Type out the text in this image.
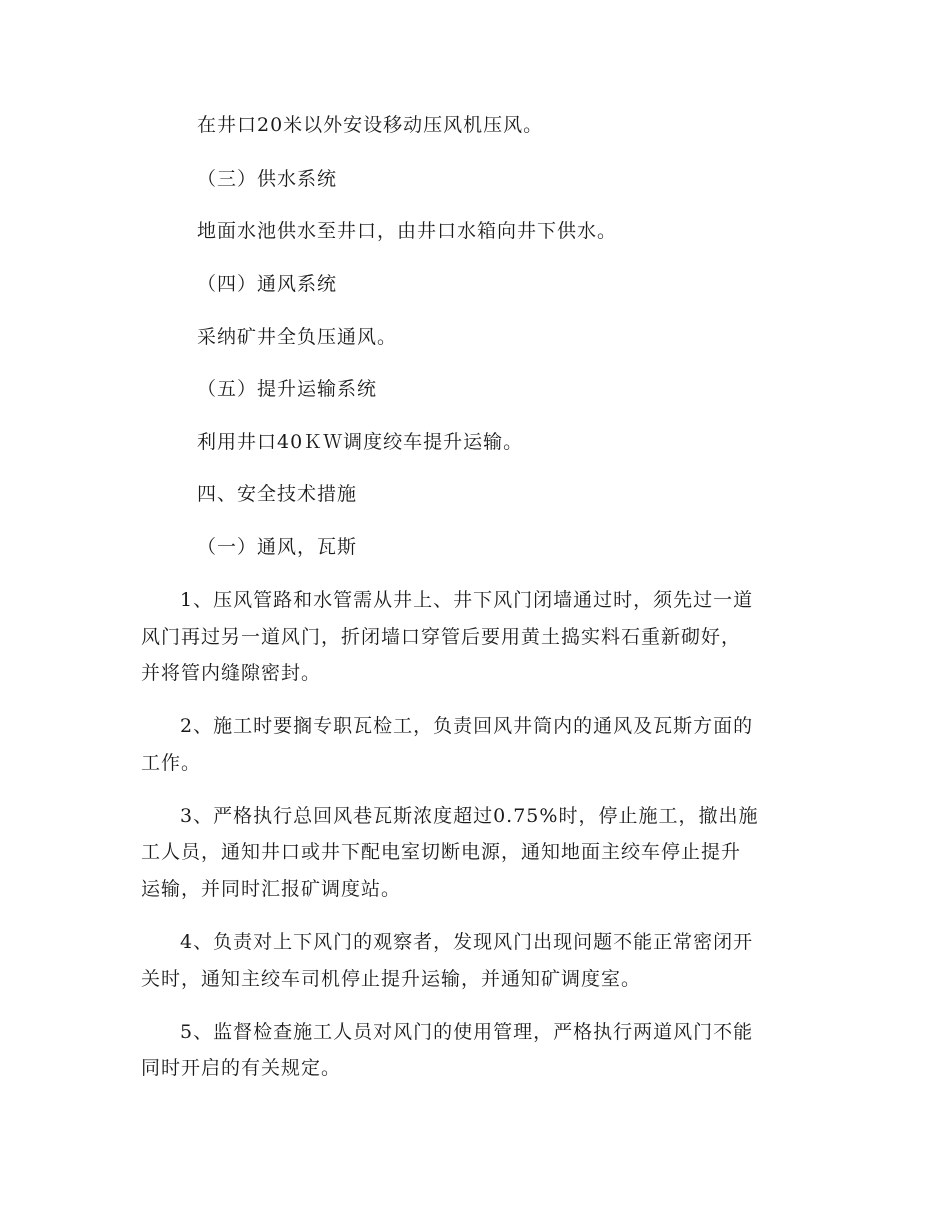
在井口20米以外安设移动压风机压风。
（三）供水系统
地面水池供水至井口，由井口水箱向井下供水。
（四）通风系统
采纳矿井全负压通风。
（五）提升运输系统
利用井口40ＫＷ调度绞车提升运输。
四、安全技术措施
（一）通风，瓦斯
1、压风管路和水管需从井上、井下风门闭墙通过时，须先过一道
风门再过另一道风门，折闭墙口穿管后要用黄土捣实料石重新砌好，
并将管内缝隙密封。
2、施工时要搁专职瓦检工，负责回风井筒内的通风及瓦斯方面的
工作。
3、严格执行总回风巷瓦斯浓度超过0.75%时，停止施工，撤出施
工人员，通知井口或井下配电室切断电源，通知地面主绞车停止提升
运输，并同时汇报矿调度站。
4、负责对上下风门的观察者，发现风门出现问题不能正常密闭开
关时，通知主绞车司机停止提升运输，并通知矿调度室。
5、监督检查施工人员对风门的使用管理，严格执行两道风门不能
同时开启的有关规定。
